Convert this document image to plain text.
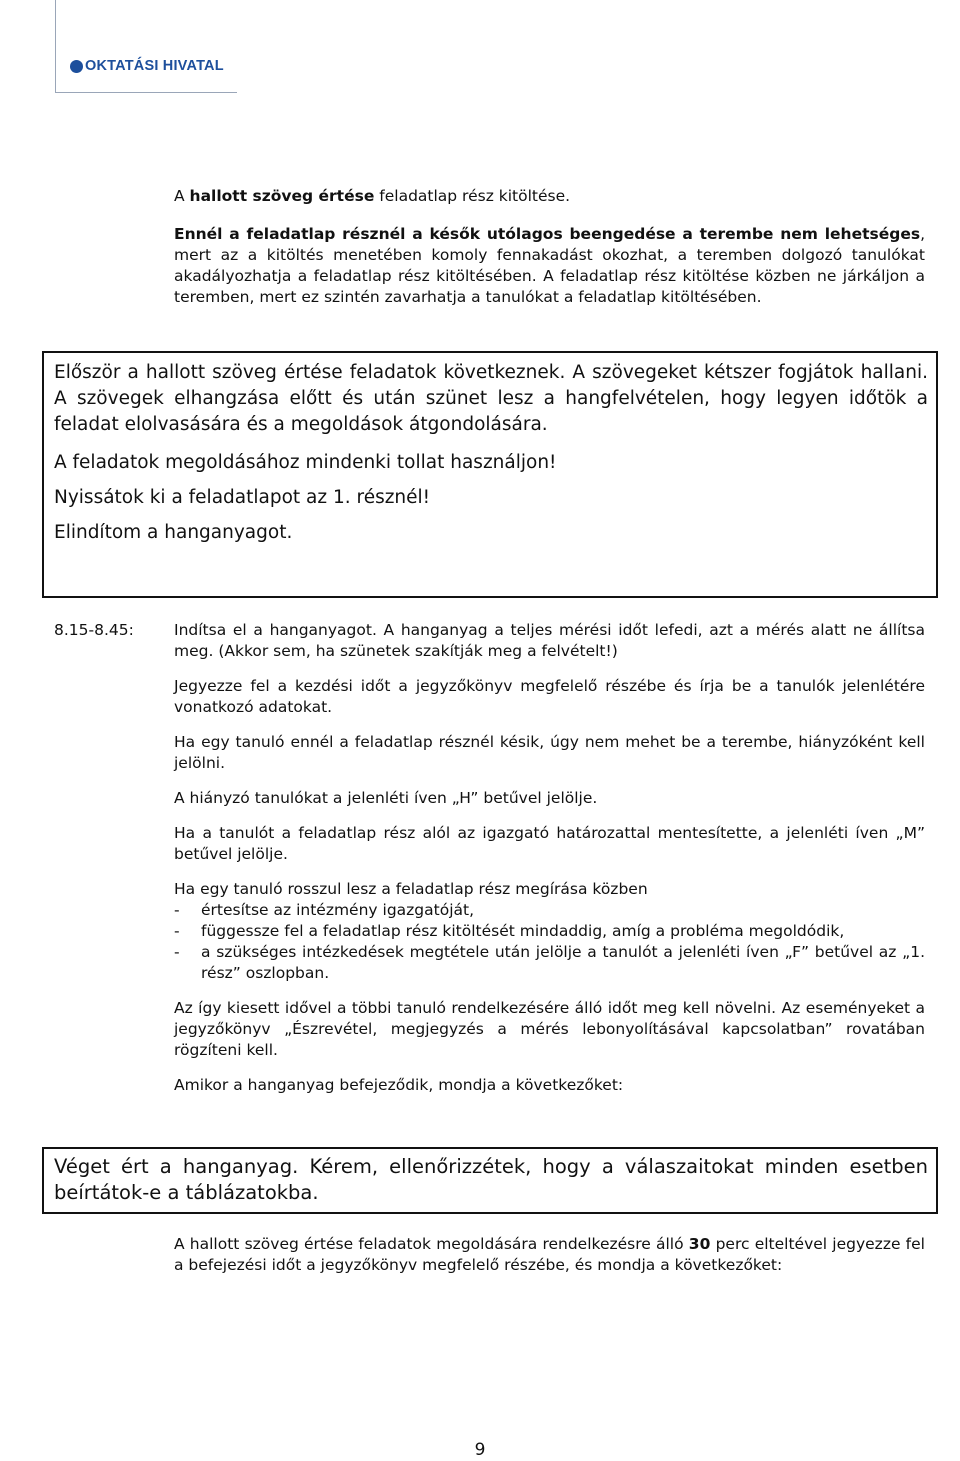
OKTATÁSI HIVATAL

A hallott szöveg értése feladatlap rész kitöltése.

Ennél a feladatlap résznél a késők utólagos beengedése a terembe nem lehetséges, mert az a kitöltés menetében komoly fennakadást okozhat, a teremben dolgozó tanulókat akadályozhatja a feladatlap rész kitöltésében. A feladatlap rész kitöltése közben ne járkáljon a teremben, mert ez szintén zavarhatja a tanulókat a feladatlap kitöltésében.

Először a hallott szöveg értése feladatok következnek. A szövegeket kétszer fogjátok hallani. A szövegek elhangzása előtt és után szünet lesz a hangfelvételen, hogy legyen időtök a feladat elolvasására és a megoldások átgondolására.

A feladatok megoldásához mindenki tollat használjon!

Nyissátok ki a feladatlapot az 1. résznél!

Elindítom a hanganyagot.

8.15-8.45:	Indítsa el a hanganyagot. A hanganyag a teljes mérési időt lefedi, azt a mérés alatt ne állítsa meg. (Akkor sem, ha szünetek szakítják meg a felvételt!)

Jegyezze fel a kezdési időt a jegyzőkönyv megfelelő részébe és írja be a tanulók jelenlétére vonatkozó adatokat.

Ha egy tanuló ennél a feladatlap résznél késik, úgy nem mehet be a terembe, hiányzóként kell jelölni.

A hiányzó tanulókat a jelenléti íven „H” betűvel jelölje.

Ha a tanulót a feladatlap rész alól az igazgató határozattal mentesítette, a jelenléti íven „M” betűvel jelölje.

Ha egy tanuló rosszul lesz a feladatlap rész megírása közben

-	értesítse az intézmény igazgatóját,
-	függessze fel a feladatlap rész kitöltését mindaddig, amíg a probléma megoldódik,
-	a szükséges intézkedések megtétele után jelölje a tanulót a jelenléti íven „F” betűvel az „1. rész” oszlopban.

Az így kiesett idővel a többi tanuló rendelkezésére álló időt meg kell növelni. Az eseményeket a jegyzőkönyv „Észrevétel, megjegyzés a mérés lebonyolításával kapcsolatban” rovatában rögzíteni kell.

Amikor a hanganyag befejeződik, mondja a következőket:

Véget ért a hanganyag. Kérem, ellenőrizzétek, hogy a válaszaitokat minden esetben beírtátok-e a táblázatokba.

A hallott szöveg értése feladatok megoldására rendelkezésre álló 30 perc elteltével jegyezze fel a befejezési időt a jegyzőkönyv megfelelő részébe, és mondja a következőket:

9
